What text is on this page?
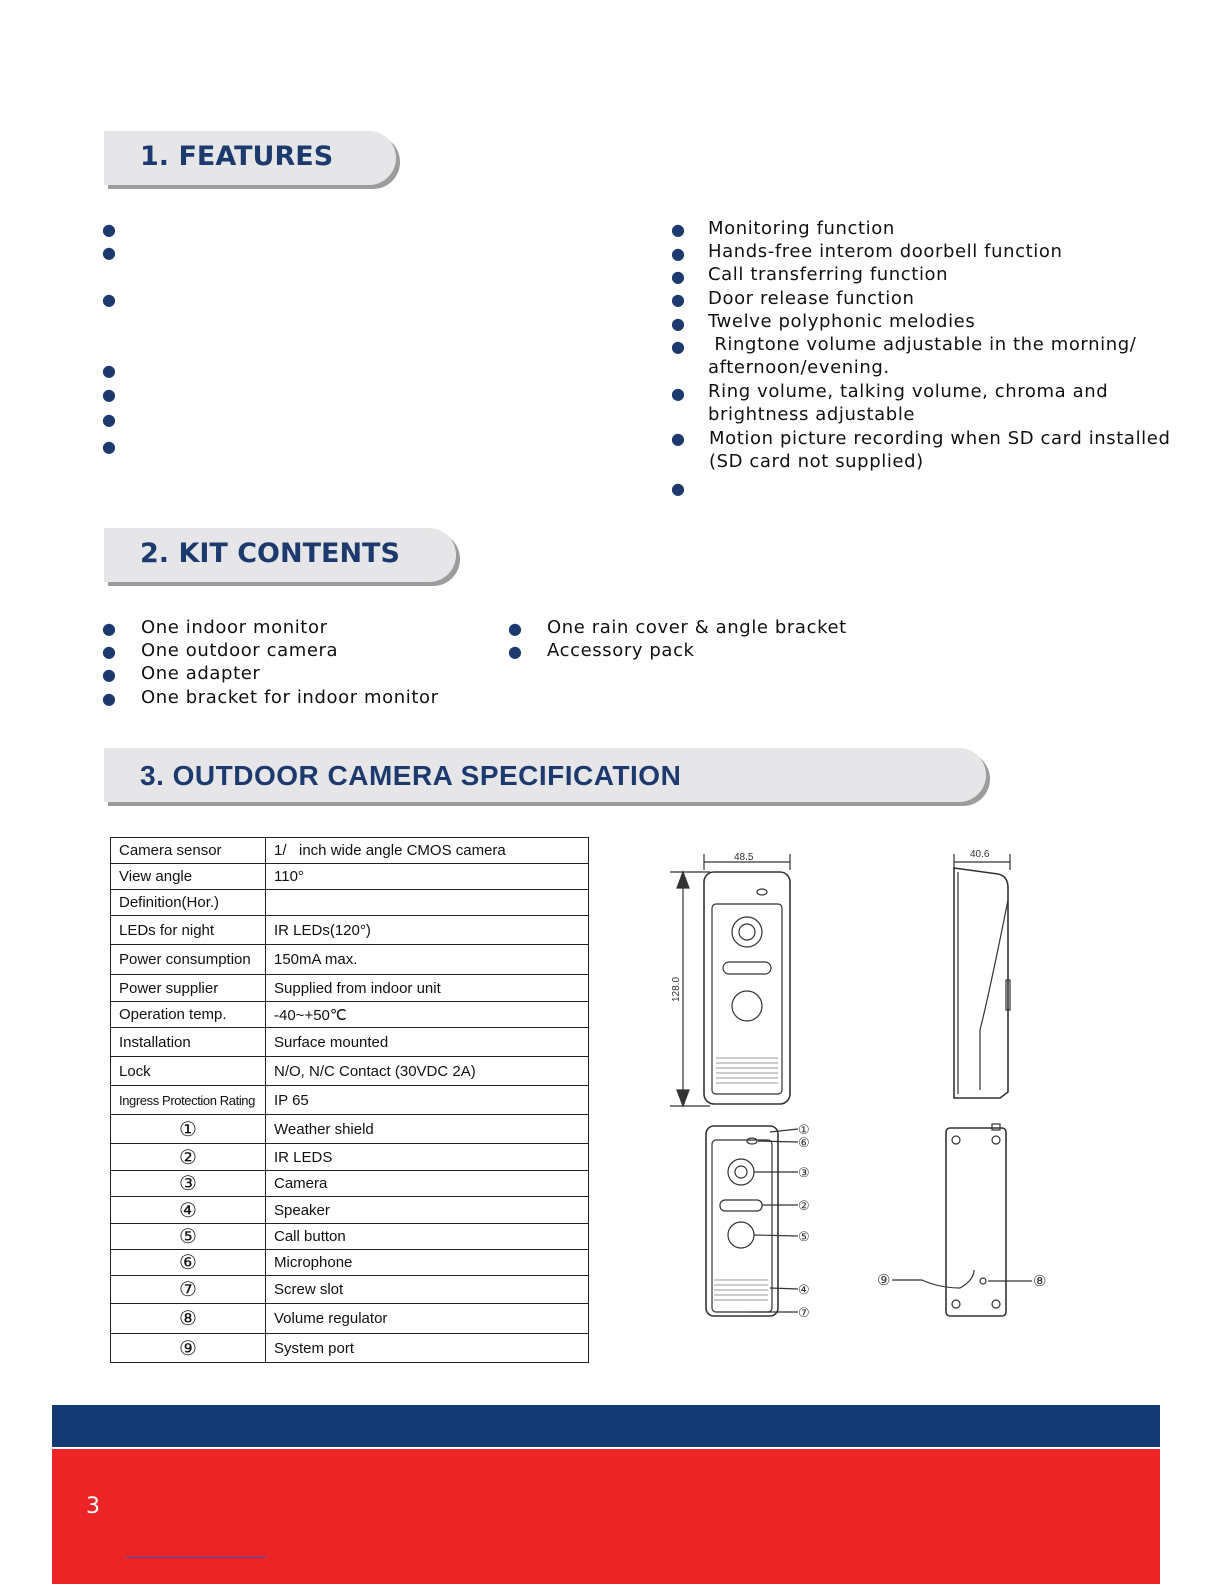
1. FEATURES
●
●
●
●
●
●
●
● Monitoring function
● Hands-free interom doorbell function
● Call transferring function
● Door release function
● Twelve polyphonic melodies
● Ringtone volume adjustable in the morning/
afternoon/evening.
● Ring volume, talking volume, chroma and
brightness adjustable
● Motion picture recording when SD card installed
(SD card not supplied)
●
2. KIT CONTENTS
● One indoor monitor
● One outdoor camera
● One adapter
● One bracket for indoor monitor
● One rain cover & angle bracket
● Accessory pack
3. OUTDOOR CAMERA SPECIFICATION
Camera sensor	1/   inch wide angle CMOS camera
View angle	110°
Definition(Hor.)	
LEDs for night	IR LEDs(120°)
Power consumption	150mA max.
Power supplier	Supplied from indoor unit
Operation temp.	-40~+50℃
Installation	Surface mounted
Lock	N/O, N/C Contact (30VDC 2A)
Ingress Protection Rating	IP 65
①	Weather shield
②	IR LEDS
③	Camera
④	Speaker
⑤	Call button
⑥	Microphone
⑦	Screw slot
⑧	Volume regulator
⑨	System port
48.5	40.6
128.0
①
⑥
③
②
⑤
④
⑦
⑨	⑧
3
